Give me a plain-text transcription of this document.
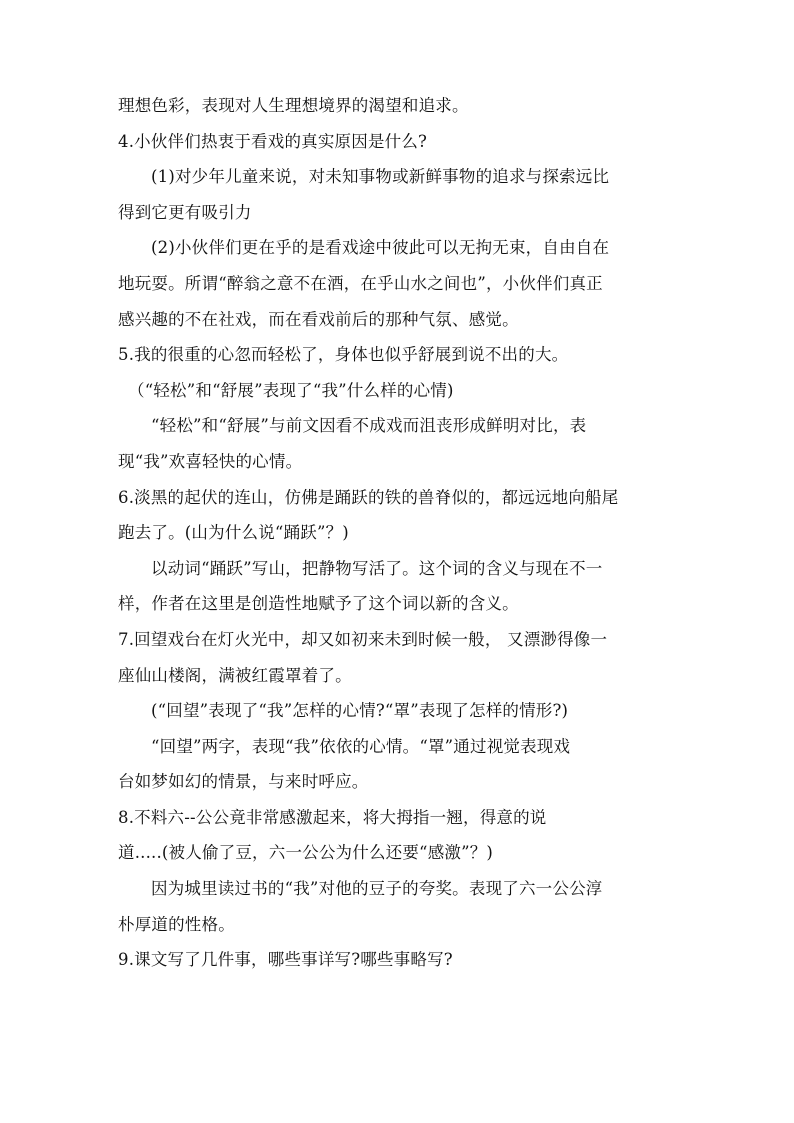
理想色彩，表现对人生理想境界的渴望和追求。
4.小伙伴们热衷于看戏的真实原因是什么?
(1)对少年儿童来说，对未知事物或新鲜事物的追求与探索远比
得到它更有吸引力
(2)小伙伴们更在乎的是看戏途中彼此可以无拘无束，自由自在
地玩耍。所谓“醉翁之意不在酒，在乎山水之间也”，小伙伴们真正
感兴趣的不在社戏，而在看戏前后的那种气氛、感觉。
5.我的很重的心忽而轻松了，身体也似乎舒展到说不出的大。
（“轻松”和“舒展”表现了“我”什么样的心情)
“轻松”和“舒展”与前文因看不成戏而沮丧形成鲜明对比，表
现“我”欢喜轻快的心情。
6.淡黑的起伏的连山，仿佛是踊跃的铁的兽脊似的，都远远地向船尾
跑去了。(山为什么说“踊跃”？)
以动词“踊跃”写山，把静物写活了。这个词的含义与现在不一
样，作者在这里是创造性地赋予了这个词以新的含义。
7.回望戏台在灯火光中，却又如初来未到时候一般， 又漂渺得像一
座仙山楼阁，满被红霞罩着了。
(“回望”表现了“我”怎样的心情?“罩”表现了怎样的情形?)
“回望”两字，表现“我”依依的心情。“罩”通过视觉表现戏
台如梦如幻的情景，与来时呼应。
8.不料六--公公竟非常感激起来，将大拇指一翘，得意的说
道.....(被人偷了豆，六一公公为什么还要“感激”？)
因为城里读过书的“我”对他的豆子的夸奖。表现了六一公公淳
朴厚道的性格。
9.课文写了几件事，哪些事详写?哪些事略写?
